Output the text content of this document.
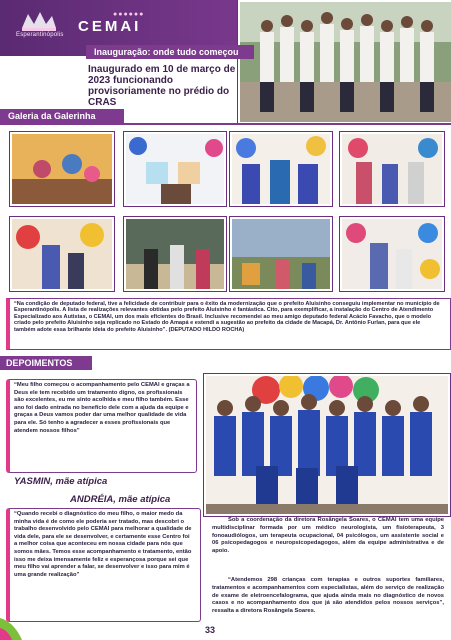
Esperantinópolis
●●●●●●
CEMAI
Inauguração: onde tudo começou
Inaugurado em 10 de março de 2023 funcionando provisoriamente no prédio do CRAS
Galeria da Galerinha
“Na condição de deputado federal, tive a felicidade de contribuir para o êxito da modernização que o prefeito Aluisinho conseguiu implementar no município de Esperantinópolis. A lista de realizações relevantes obtidas pelo prefeito Aluisinho é fantástica. Cito, para exemplificar, a instalação do Centro de Atendimento Especializado aos Autistas, o CEMAI, um dos mais eficientes do Brasil. Inclusive recomendei ao meu amigo deputado federal Acácio Favacho, que o modelo criado pelo prefeito Aluisinho seja replicado no Estado do Amapá e estendi a sugestão ao prefeito da cidade de Macapá, Dr. Antônio Furlan, para que ele também adote essa brilhante ideia do prefeito Aluisinho”. (DEPUTADO HILDO ROCHA)
DEPOIMENTOS
“Meu filho começou o acompanhamento pelo CEMAI e graças a Deus ele tem recebido um tratamento digno, os profissionais são excelentes, eu me sinto acolhida e meu filho também. Esse ano foi dado entrada no benefício dele com a ajuda da equipe e graças a Deus vamos poder dar uma melhor qualidade de vida para ele. Só tenho a agradecer a esses profissionais que atendem nossos filhos”
YASMIN, mãe atípica
ANDRÉIA, mãe atípica
“Quando recebi o diagnóstico do meu filho, o maior medo da minha vida é de como ele poderia ser tratado, mas descobri o trabalho desenvolvido pelo CEMAI para melhorar a qualidade de vida dele, para ele se desenvolver, e certamente esse Centro foi a melhor coisa que aconteceu em nossa cidade para nós que somos mães. Temos esse acompanhamento e tratamento, então isso me deixa imensamente feliz e esperançosa porque sei que meu filho vai aprender a falar, se desenvolver e isso para mim é uma grande realização”
Sob a coordenação da diretora Rosângela Soares, o CEMAI tem uma equipe multidisciplinar formada por um médico neurologista, um fisioterapeuta, 3 fonoaudiólogos, um terapeuta ocupacional, 04 psicólogos, um assistente social e 06 psicopedagogos e neuropsicopedagogos, além da equipe administrativa e de apoio.
“Atendemos 298 crianças com terapias e outros suportes familiares, tratamentos e acompanhamentos com especialistas, além do serviço de realização de exame de eletroencefalograma, que ajuda ainda mais no diagnóstico de novos casos e no acompanhamento dos que já são atendidos pelos nossos serviços”, ressalta a diretora Rosângela Soares.
33
